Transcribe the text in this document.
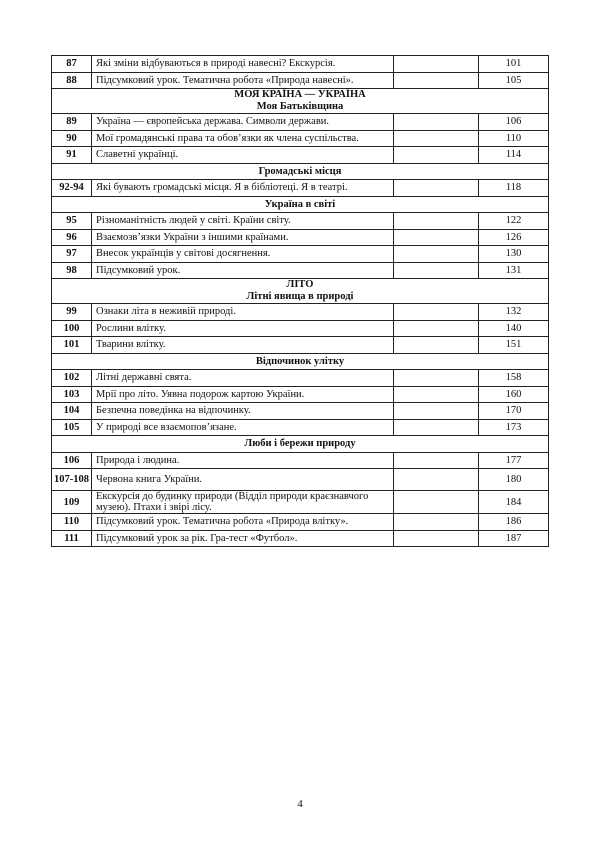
87	Які зміни відбуваються в природі навесні? Екскурсія.		101
88	Підсумковий урок. Тематична робота «Природа навесні».		105

МОЯ КРАЇНА — УКРАЇНА
Моя Батьківщина			

89	Україна — європейська держава. Символи держави.		106
90	Мої громадянські права та обов’язки як члена суспільства.		110
91	Славетні українці.		114

Громадські місця			

92-94	Які бувають громадські місця. Я в бібліотеці. Я в театрі.		118

Україна в світі			

95	Різноманітність людей у світі. Країни світу.		122
96	Взаємозв’язки України з іншими країнами.		126
97	Внесок українців у світові досягнення.		130
98	Підсумковий урок.		131

ЛІТО
Літні явища в природі			

99	Ознаки літа в неживій природі.		132
100	Рослини влітку.		140
101	Тварини влітку.		151

Відпочинок улітку			

102	Літні державні свята.		158
103	Мрії про літо. Уявна подорож картою України.		160
104	Безпечна поведінка на відпочинку.		170
105	У природі все взаємопов’язане.		173

Люби і бережи природу			

106	Природа і людина.		177
107-108	Червона книга України.		180
109	Екскурсія до будинку природи (Відділ природи краєзнавчого музею). Птахи і звірі лісу.		184
110	Підсумковий урок. Тематична робота «Природа влітку».		186
111	Підсумковий урок за рік. Гра-тест «Футбол».		187
4
